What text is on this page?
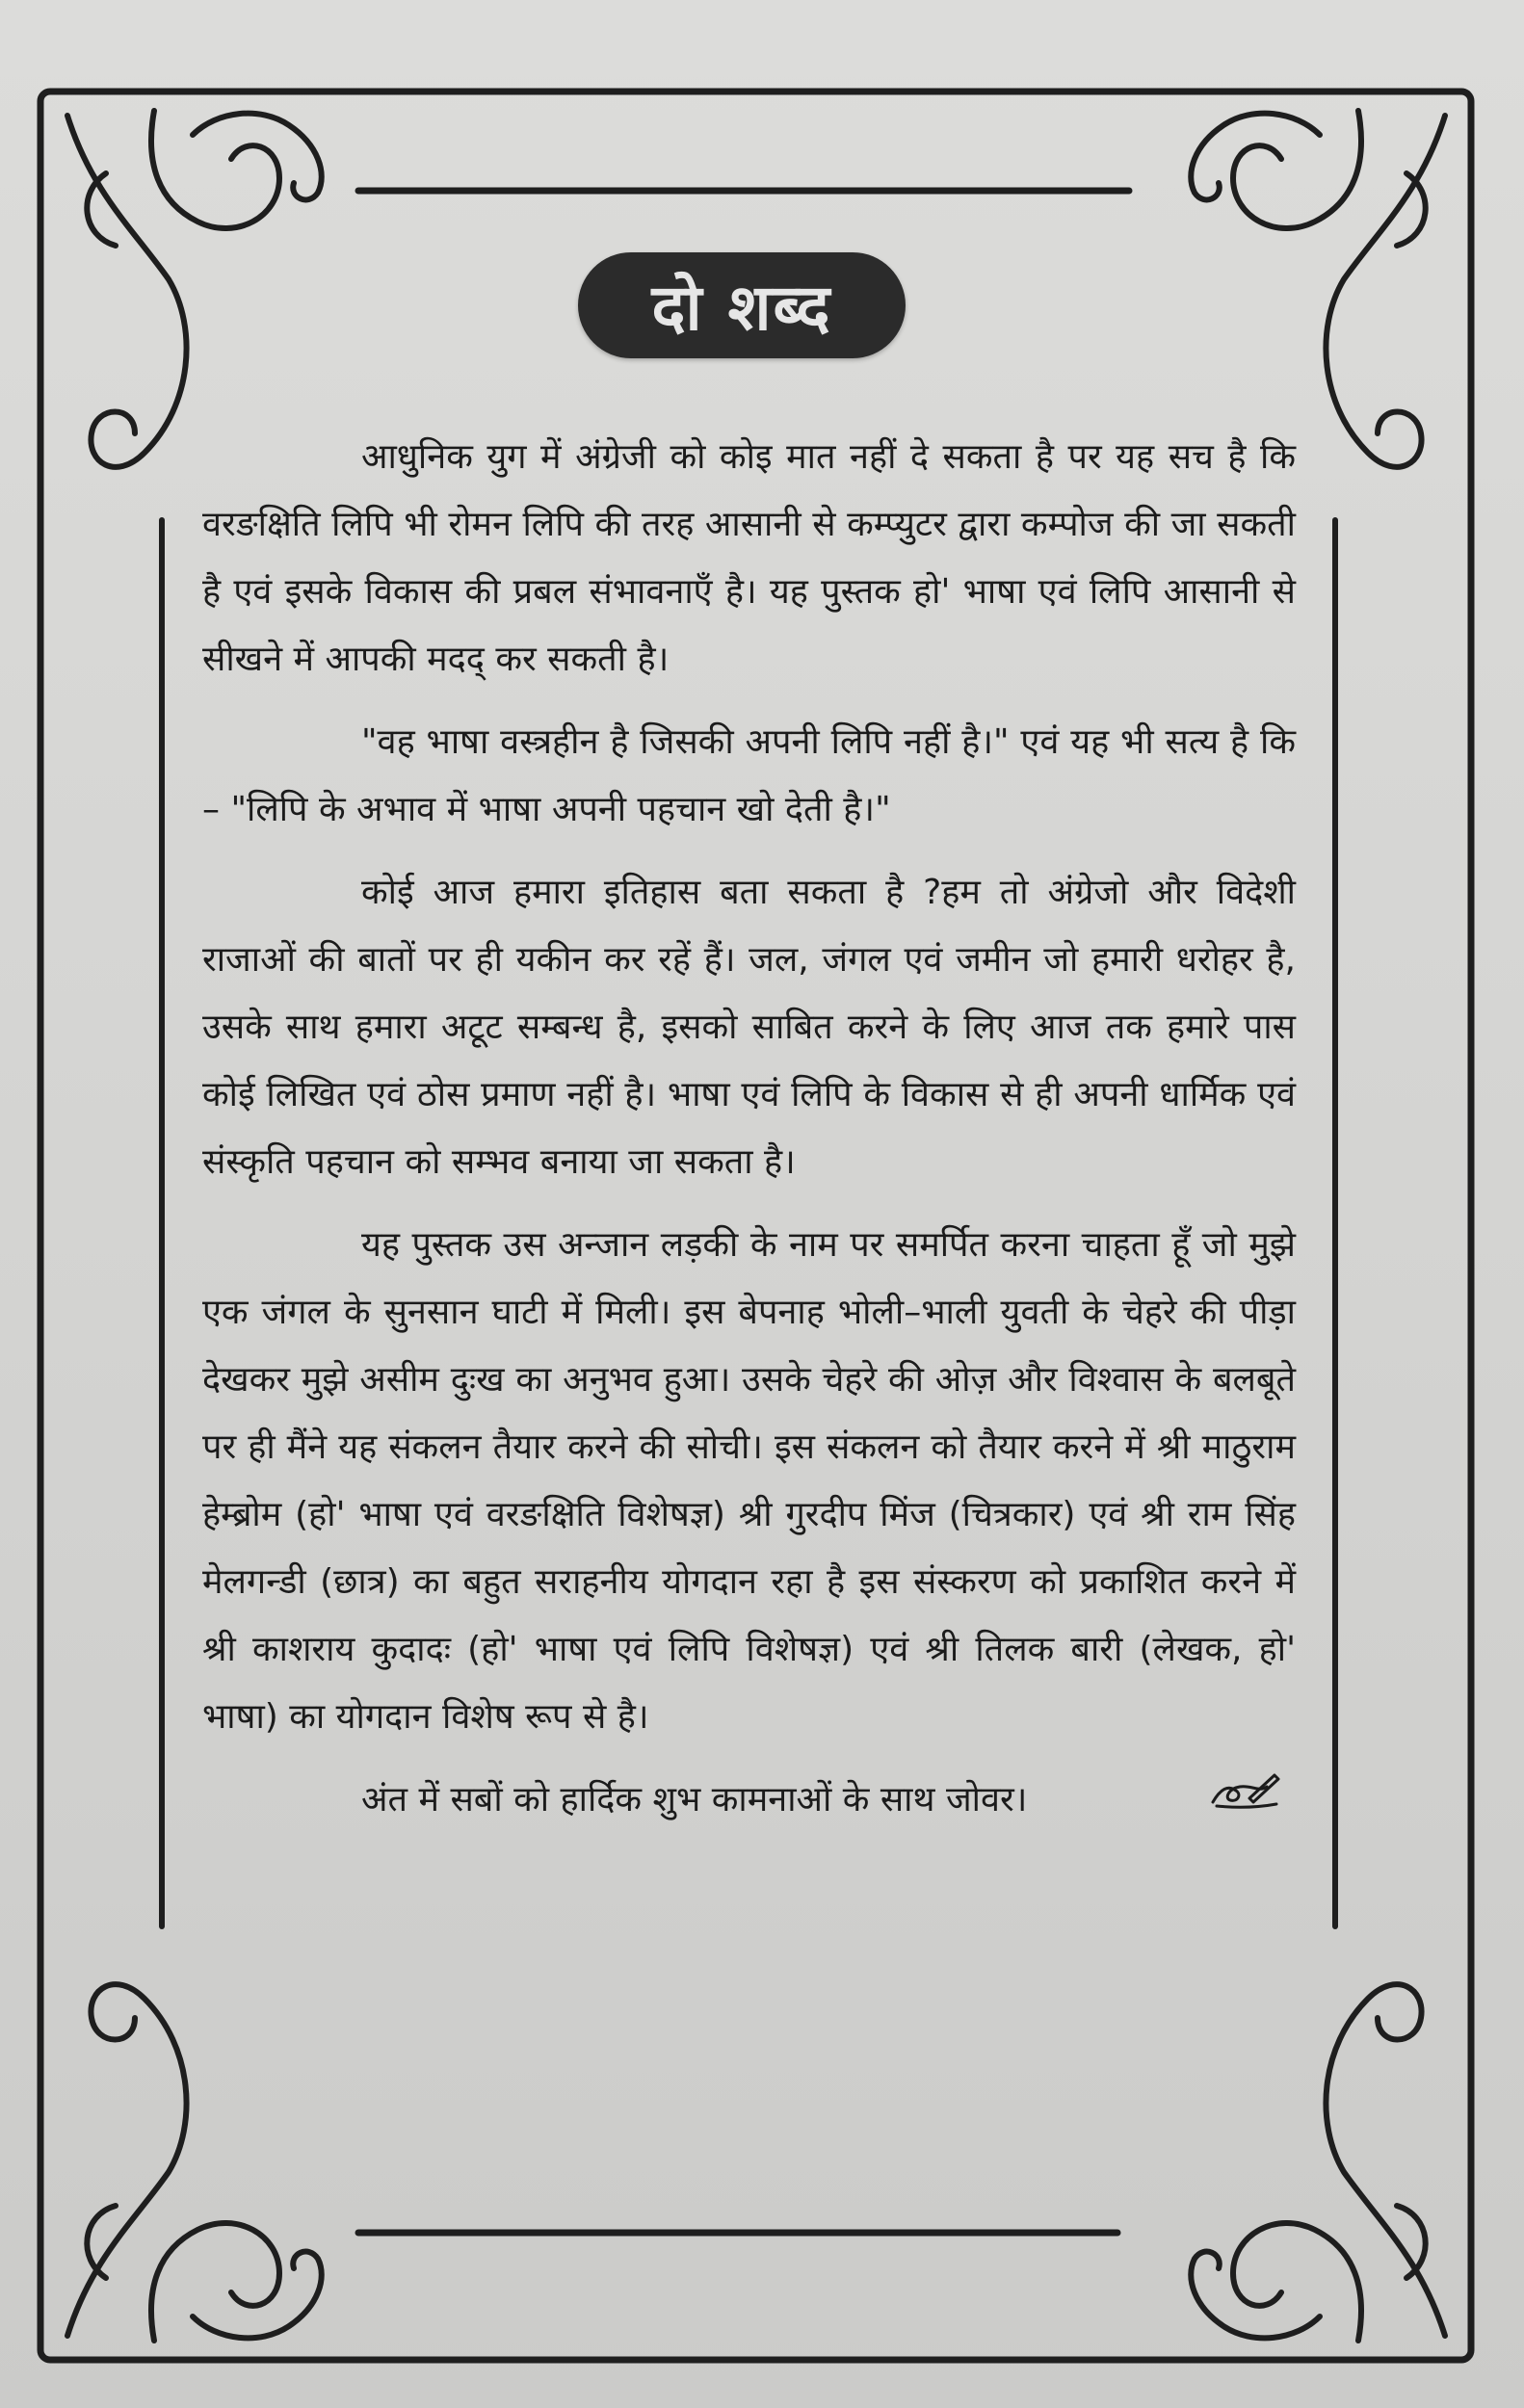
दो शब्द

आधुनिक युग में अंग्रेजी को कोइ मात नहीं दे सकता है पर यह सच है कि वरङक्षिति लिपि भी रोमन लिपि की तरह आसानी से कम्प्युटर द्वारा कम्पोज की जा सकती है एवं इसके विकास की प्रबल संभावनाएँ है। यह पुस्तक हो' भाषा एवं लिपि आसानी से सीखने में आपकी मदद् कर सकती है।

"वह भाषा वस्त्रहीन है जिसकी अपनी लिपि नहीं है।" एवं यह भी सत्य है कि – "लिपि के अभाव में भाषा अपनी पहचान खो देती है।"

कोई आज हमारा इतिहास बता सकता है ?हम तो अंग्रेजो और विदेशी राजाओं की बातों पर ही यकीन कर रहें हैं। जल, जंगल एवं जमीन जो हमारी धरोहर है, उसके साथ हमारा अटूट सम्बन्ध है, इसको साबित करने के लिए आज तक हमारे पास कोई लिखित एवं ठोस प्रमाण नहीं है। भाषा एवं लिपि के विकास से ही अपनी धार्मिक एवं संस्कृति पहचान को सम्भव बनाया जा सकता है।

यह पुस्तक उस अन्जान लड़की के नाम पर समर्पित करना चाहता हूँ जो मुझे एक जंगल के सुनसान घाटी में मिली। इस बेपनाह भोली–भाली युवती के चेहरे की पीड़ा देखकर मुझे असीम दुःख का अनुभव हुआ। उसके चेहरे की ओज़ और विश्वास के बलबूते पर ही मैंने यह संकलन तैयार करने की सोची। इस संकलन को तैयार करने में श्री माठुराम हेम्ब्रोम (हो' भाषा एवं वरङक्षिति विशेषज्ञ) श्री गुरदीप मिंज (चित्रकार) एवं श्री राम सिंह मेलगन्डी (छात्र) का बहुत सराहनीय योगदान रहा है इस संस्करण को प्रकाशित करने में श्री काशराय कुदादः (हो' भाषा एवं लिपि विशेषज्ञ) एवं श्री तिलक बारी (लेखक, हो' भाषा) का योगदान विशेष रूप से है।

अंत में सबों को हार्दिक शुभ कामनाओं के साथ जोवर।
